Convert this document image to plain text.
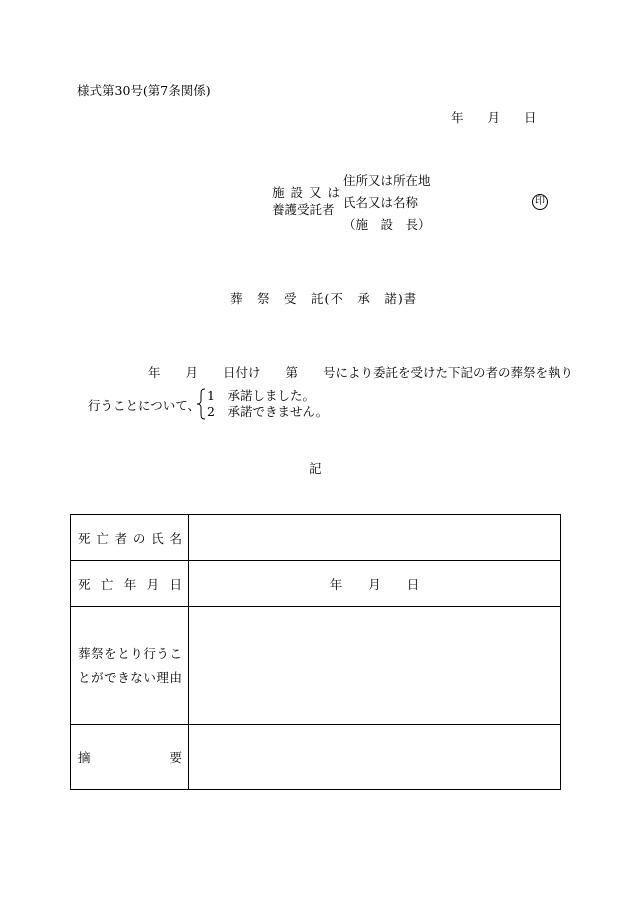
様式第30号(第7条関係)
年 月 日
施設又は
養護受託者
住所又は所在地
氏名又は名称
（施　設　長）
印
葬　祭　受　託(不　承　諾)書
年　　月　　日付け　　第　　号により委託を受けた下記の者の葬祭を執り
行うことについて、
1　承諾しました。
2　承諾できません。
記
死亡者の氏名	
死亡年月日	年 月 日

葬祭をとり行うこ
とができない理由	

摘要	
